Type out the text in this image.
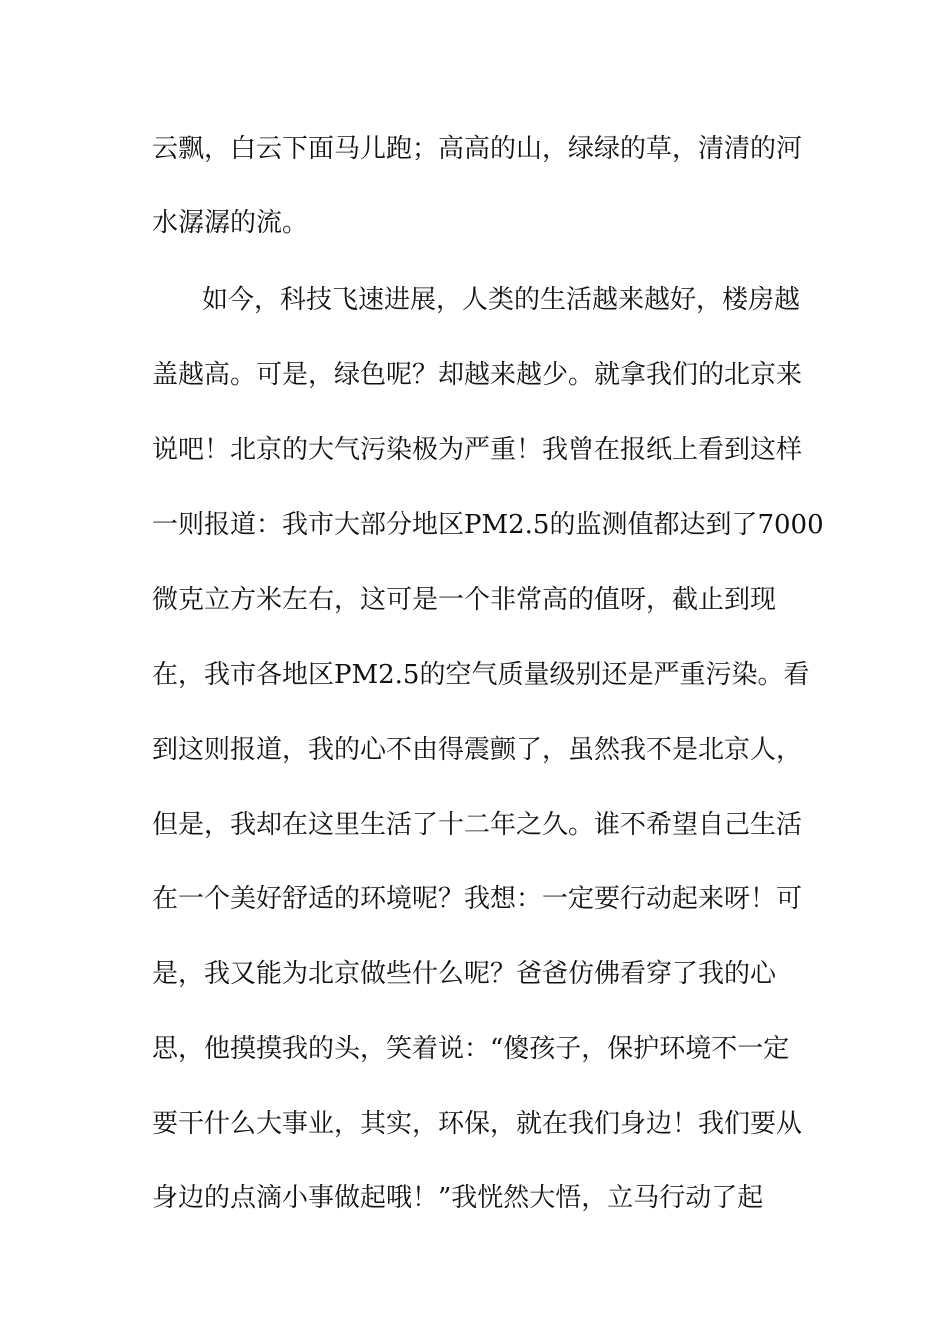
云飘，白云下面马儿跑；高高的山，绿绿的草，清清的河
水潺潺的流。
如今，科技飞速进展，人类的生活越来越好，楼房越
盖越高。可是，绿色呢？却越来越少。就拿我们的北京来
说吧！北京的大气污染极为严重！我曾在报纸上看到这样
一则报道：我市大部分地区PM2.5的监测值都达到了7000
微克立方米左右，这可是一个非常高的值呀，截止到现
在，我市各地区PM2.5的空气质量级别还是严重污染。看
到这则报道，我的心不由得震颤了，虽然我不是北京人，
但是，我却在这里生活了十二年之久。谁不希望自己生活
在一个美好舒适的环境呢？我想：一定要行动起来呀！可
是，我又能为北京做些什么呢？爸爸仿佛看穿了我的心
思，他摸摸我的头，笑着说：“傻孩子，保护环境不一定
要干什么大事业，其实，环保，就在我们身边！我们要从
身边的点滴小事做起哦！”我恍然大悟，立马行动了起
